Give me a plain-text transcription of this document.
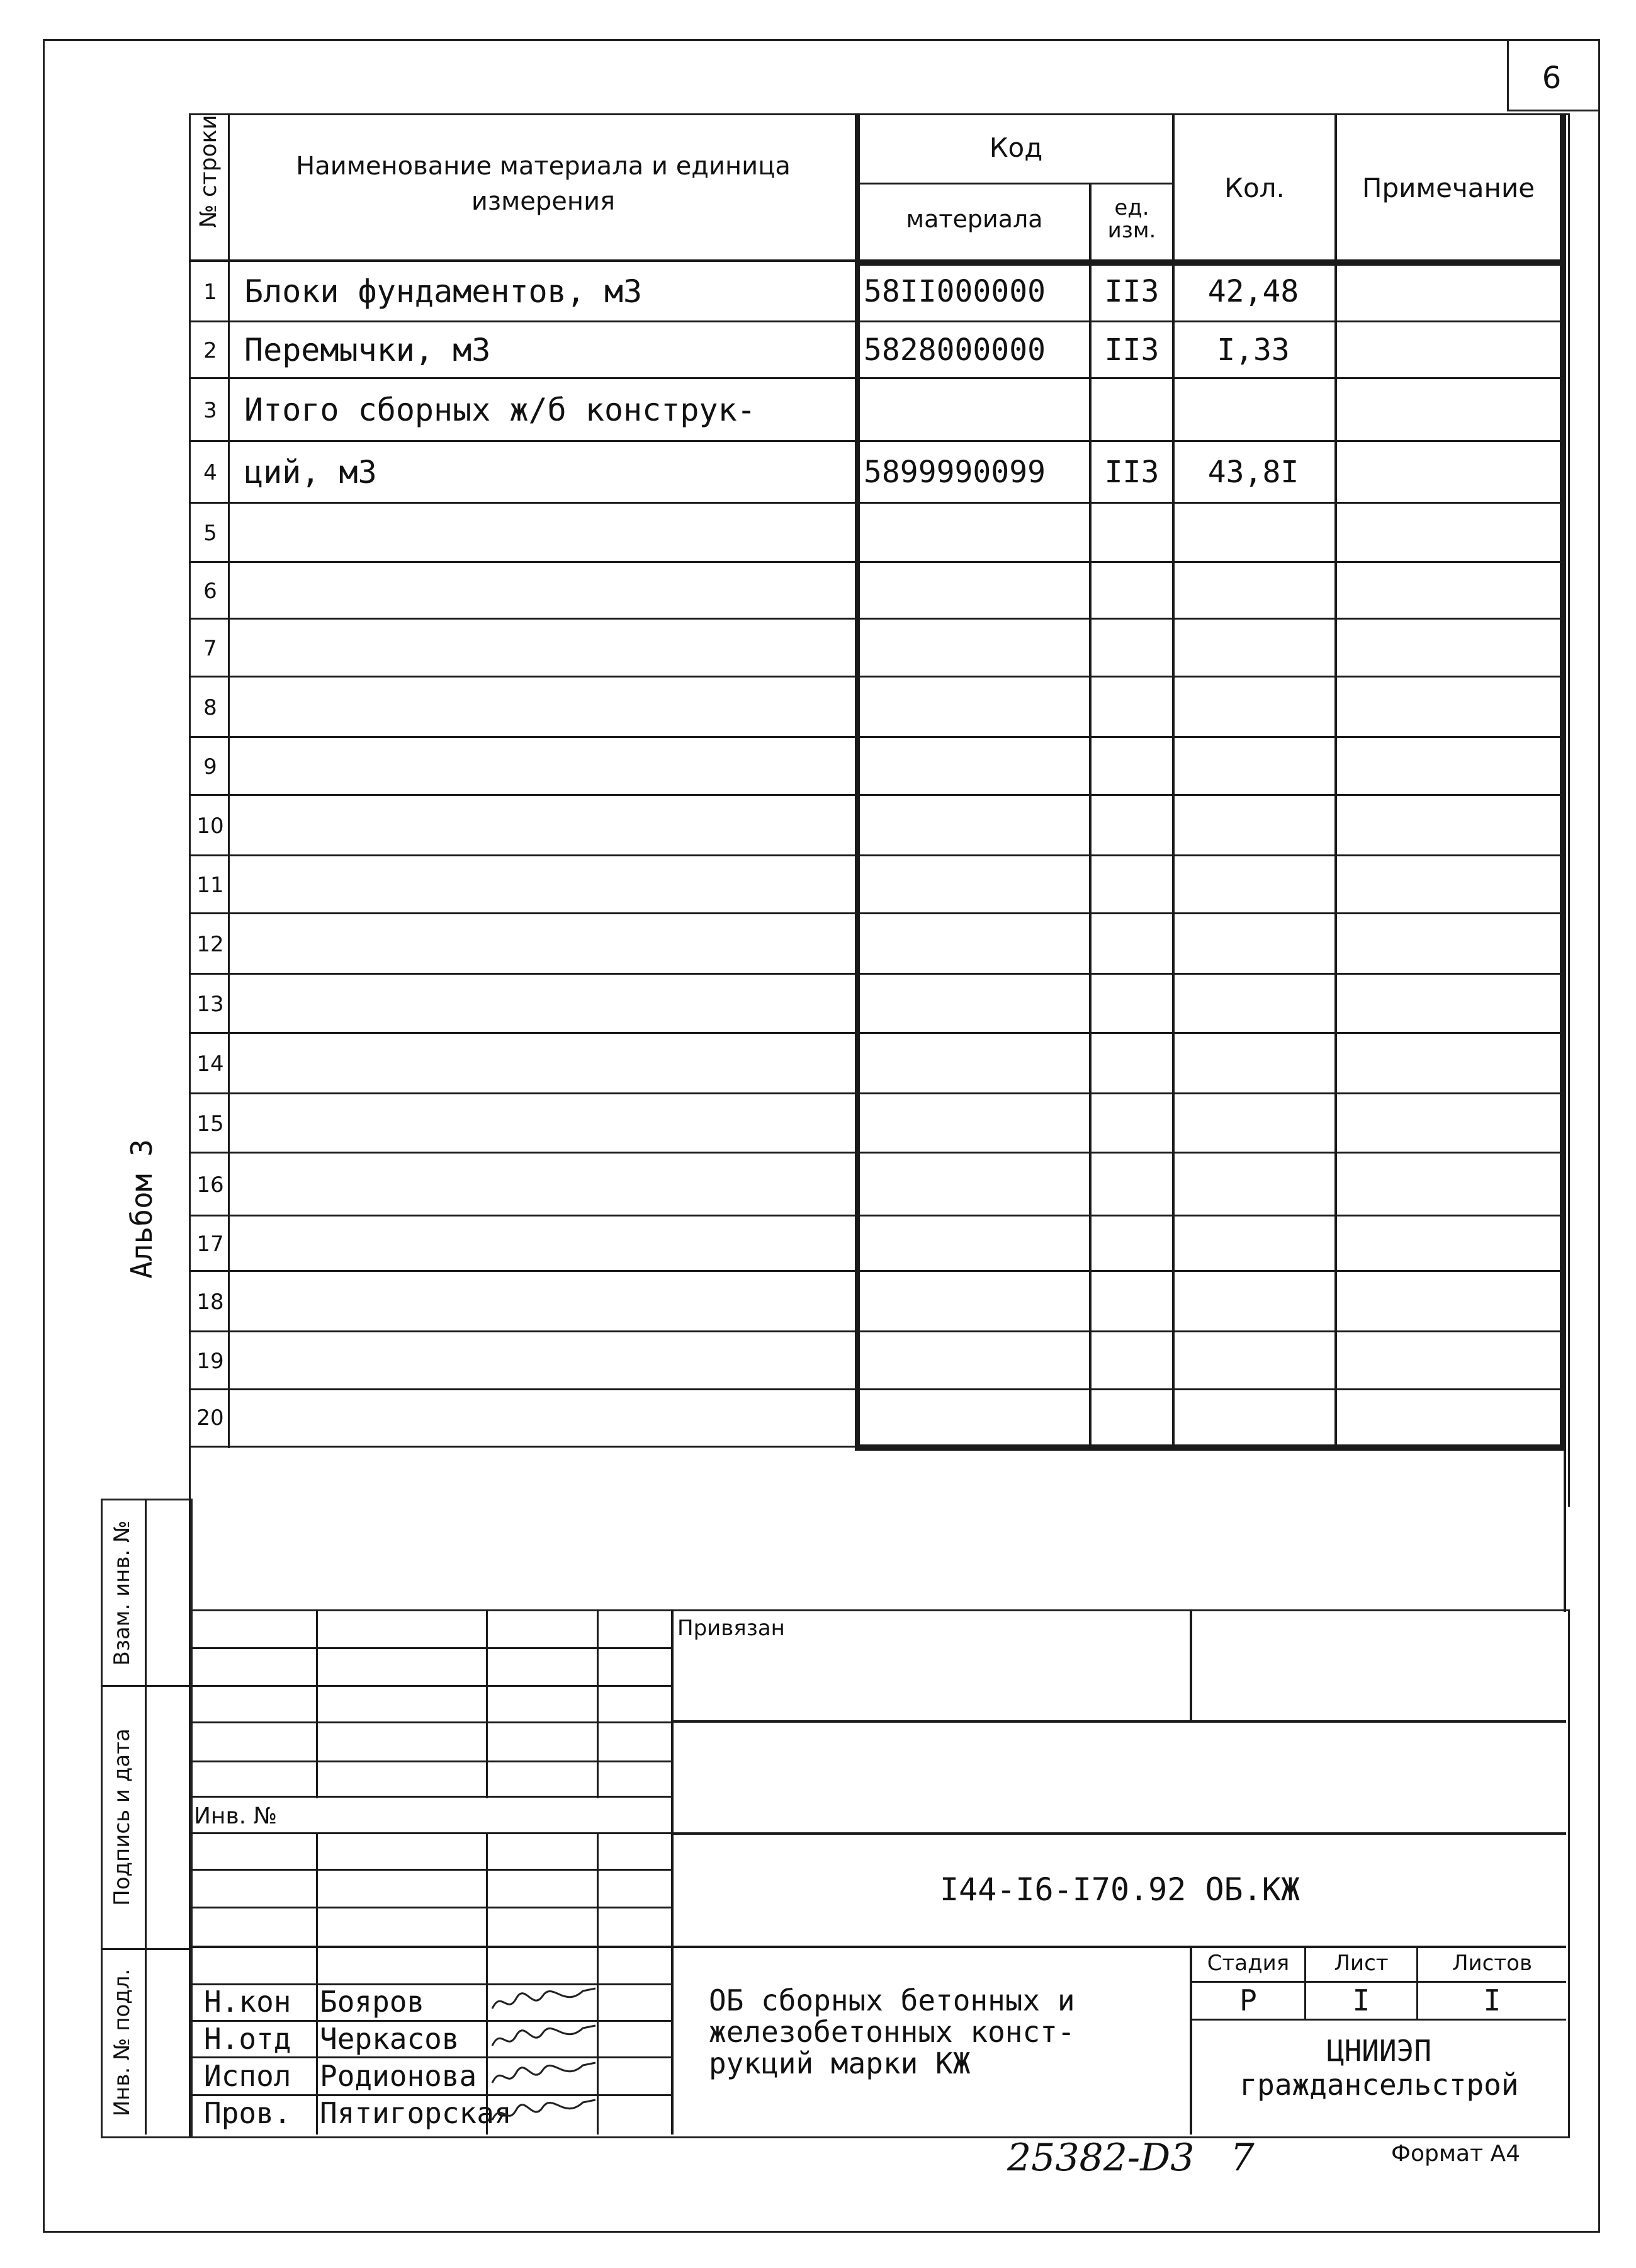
6
№ строки	Наименование материала и единица измерения
Код
материала	ед. изм.
Кол.	Примечание
1 Блоки фундаментов, м3	58II000000	II3	42,48
2 Перемычки, м3	5828000000	II3	I,33
3 Итого сборных ж/б конструк-
4 ций, м3	5899990099	II3	43,8I
5
6
7
8
9
10
11
12
13
14
15
16
17
18
19
20
Альбом 3
Взам. инв. №
Подпись и дата
Инв. № подл.
Привязан
Инв. №
I44-I6-I70.92 ОБ.КЖ
Н.кон Бояров
Н.отд Черкасов
Испол Родионова
Пров. Пятигорская
ОБ сборных бетонных и
железобетонных конст-
рукций марки КЖ
Стадия	Лист	Листов
Р	I	I
ЦНИИЭП
граждансельстрой
25382-D3   7	Формат А4
